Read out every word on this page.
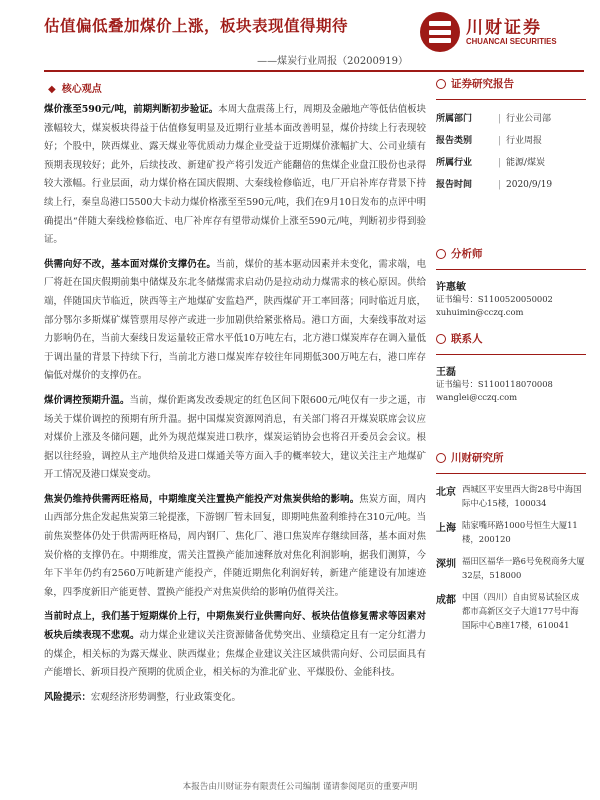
估值偏低叠加煤价上涨，板块表现值得期待
——煤炭行业周报（20200919）
川财证券
CHUANCAI SECURITIES
◆ 核心观点

煤价涨至590元/吨，前期判断初步验证。本周大盘震荡上行，周期及金融地产等低估值板块涨幅较大，煤炭板块得益于估值修复明显及近期行业基本面改善明显，煤价持续上行表现较好；个股中，陕西煤业、露天煤业等优质动力煤企业受益于近期煤价涨幅扩大、公司业绩有预期表现较好；此外，后续技改、新建矿投产将引发近产能翻倍的焦煤企业盘江股份也录得较大涨幅。行业层面，动力煤价格在国庆假期、大秦线检修临近，电厂开启补库存背景下持续上行，秦皇岛港口5500大卡动力煤价格涨至至590元/吨，我们在9月10日发布的点评中明确提出“伴随大秦线检修临近、电厂补库存有望带动煤价上涨至590元/吨，判断初步得到验证。

供需向好不改，基本面对煤价支撑仍在。当前，煤价的基本驱动因素并未变化，需求端，电厂将赶在国庆假期前集中储煤及东北冬储煤需求启动仍是拉动动力煤需求的核心原因。供给端，伴随国庆节临近，陕西等主产地煤矿安监趋严，陕西煤矿开工率回落；同时临近月底，部分鄂尔多斯煤矿煤管票用尽停产或进一步加剧供给紧张格局。港口方面，大秦线事故对运力影响仍在，当前大秦线日发运量较正常水平低10万吨左右，北方港口煤炭库存在调入量低于调出量的背景下持续下行，当前北方港口煤炭库存较往年同期低300万吨左右，港口库存偏低对煤价的支撑仍在。

煤价调控预期升温。当前，煤价距离发改委规定的红色区间下限600元/吨仅有一步之遥，市场关于煤价调控的预期有所升温。据中国煤炭资源网消息，有关部门将召开煤炭联席会议应对煤价上涨及冬储问题，此外为规范煤炭进口秩序，煤炭运销协会也将召开委员会会议。根据以往经验，调控从主产地供给及进口煤通关等方面入手的概率较大，建议关注主产地煤矿开工情况及港口煤炭变动。

焦炭仍维持供需两旺格局，中期维度关注置换产能投产对焦炭供给的影响。焦炭方面，周内山西部分焦企发起焦炭第三轮提涨，下游钢厂暂未回复，即期吨焦盈利维持在310元/吨。当前焦炭整体仍处于供需两旺格局，周内钢厂、焦化厂、港口焦炭库存继续回落，基本面对焦炭价格的支撑仍在。中期维度，需关注置换产能加速释放对焦化利润影响，据我们测算，今年下半年仍约有2560万吨新建产能投产，伴随近期焦化利润好转，新建产能建设有加速迹象，四季度新旧产能更替、置换产能投产对焦炭供给的影响仍值得关注。

当前时点上，我们基于短期煤价上行，中期焦炭行业供需向好、板块估值修复需求等因素对板块后续表现不悲观。动力煤企业建议关注资源储备优势突出、业绩稳定且有一定分红潜力的煤企，相关标的为露天煤业、陕西煤业；焦煤企业建议关注区域供需向好、公司层面具有产能增长、新项目投产预期的优质企业，相关标的为淮北矿业、平煤股份、金能科技。

风险提示：宏观经济形势调整，行业政策变化。

证券研究报告
所属部门	| 行业公司部
报告类别	| 行业周报
所属行业	| 能源/煤炭
报告时间	| 2020/9/19
分析师
许惠敏
证书编号：S1100520050002
xuhuimin@cczq.com
联系人
王磊
证书编号：S1100118070008
wanglei@cczq.com
川财研究所
北京 西城区平安里西大街28号中海国际中心15楼，100034
上海 陆家嘴环路1000号恒生大厦11楼，200120
深圳 福田区福华一路6号免税商务大厦32层，518000
成都 中国（四川）自由贸易试验区成都市高新区交子大道177号中海国际中心B座17楼，610041
本报告由川财证券有限责任公司编制 谨请参阅尾页的重要声明
